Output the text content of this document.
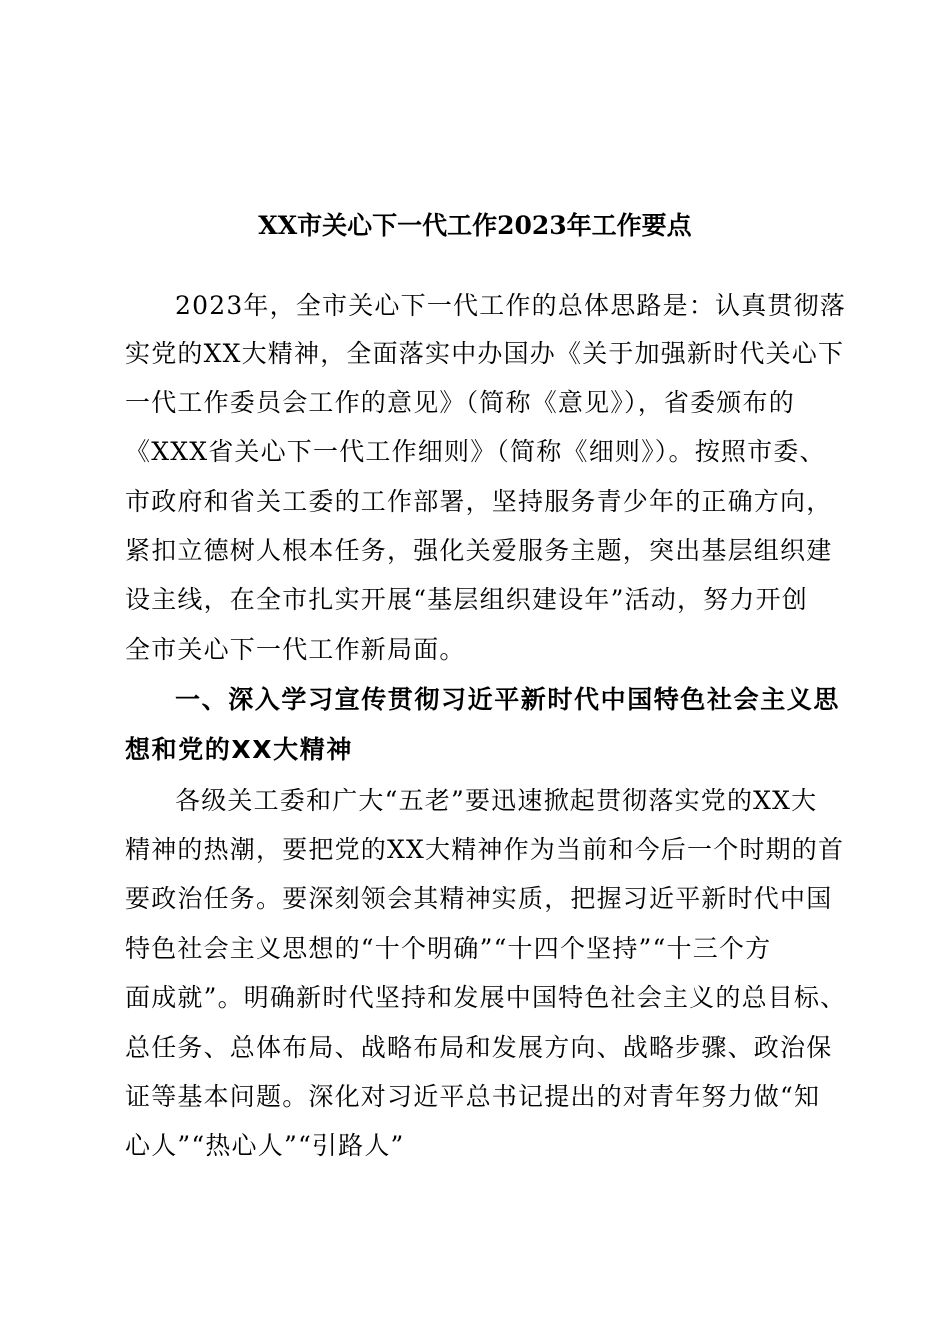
XX市关心下一代工作2023年工作要点
2023年，全市关心下一代工作的总体思路是：认真贯彻落
实党的XX大精神，全面落实中办国办《关于加强新时代关心下
一代工作委员会工作的意见》（简称《意见》），省委颁布的
《XXX省关心下一代工作细则》（简称《细则》）。按照市委、
市政府和省关工委的工作部署，坚持服务青少年的正确方向，
紧扣立德树人根本任务，强化关爱服务主题，突出基层组织建
设主线，在全市扎实开展“基层组织建设年”活动，努力开创
全市关心下一代工作新局面。
一、深入学习宣传贯彻习近平新时代中国特色社会主义思
想和党的XX大精神
各级关工委和广大“五老”要迅速掀起贯彻落实党的XX大
精神的热潮，要把党的XX大精神作为当前和今后一个时期的首
要政治任务。要深刻领会其精神实质，把握习近平新时代中国
特色社会主义思想的“十个明确”“十四个坚持”“十三个方
面成就”。明确新时代坚持和发展中国特色社会主义的总目标、
总任务、总体布局、战略布局和发展方向、战略步骤、政治保
证等基本问题。深化对习近平总书记提出的对青年努力做“知
心人”“热心人”“引路人”
